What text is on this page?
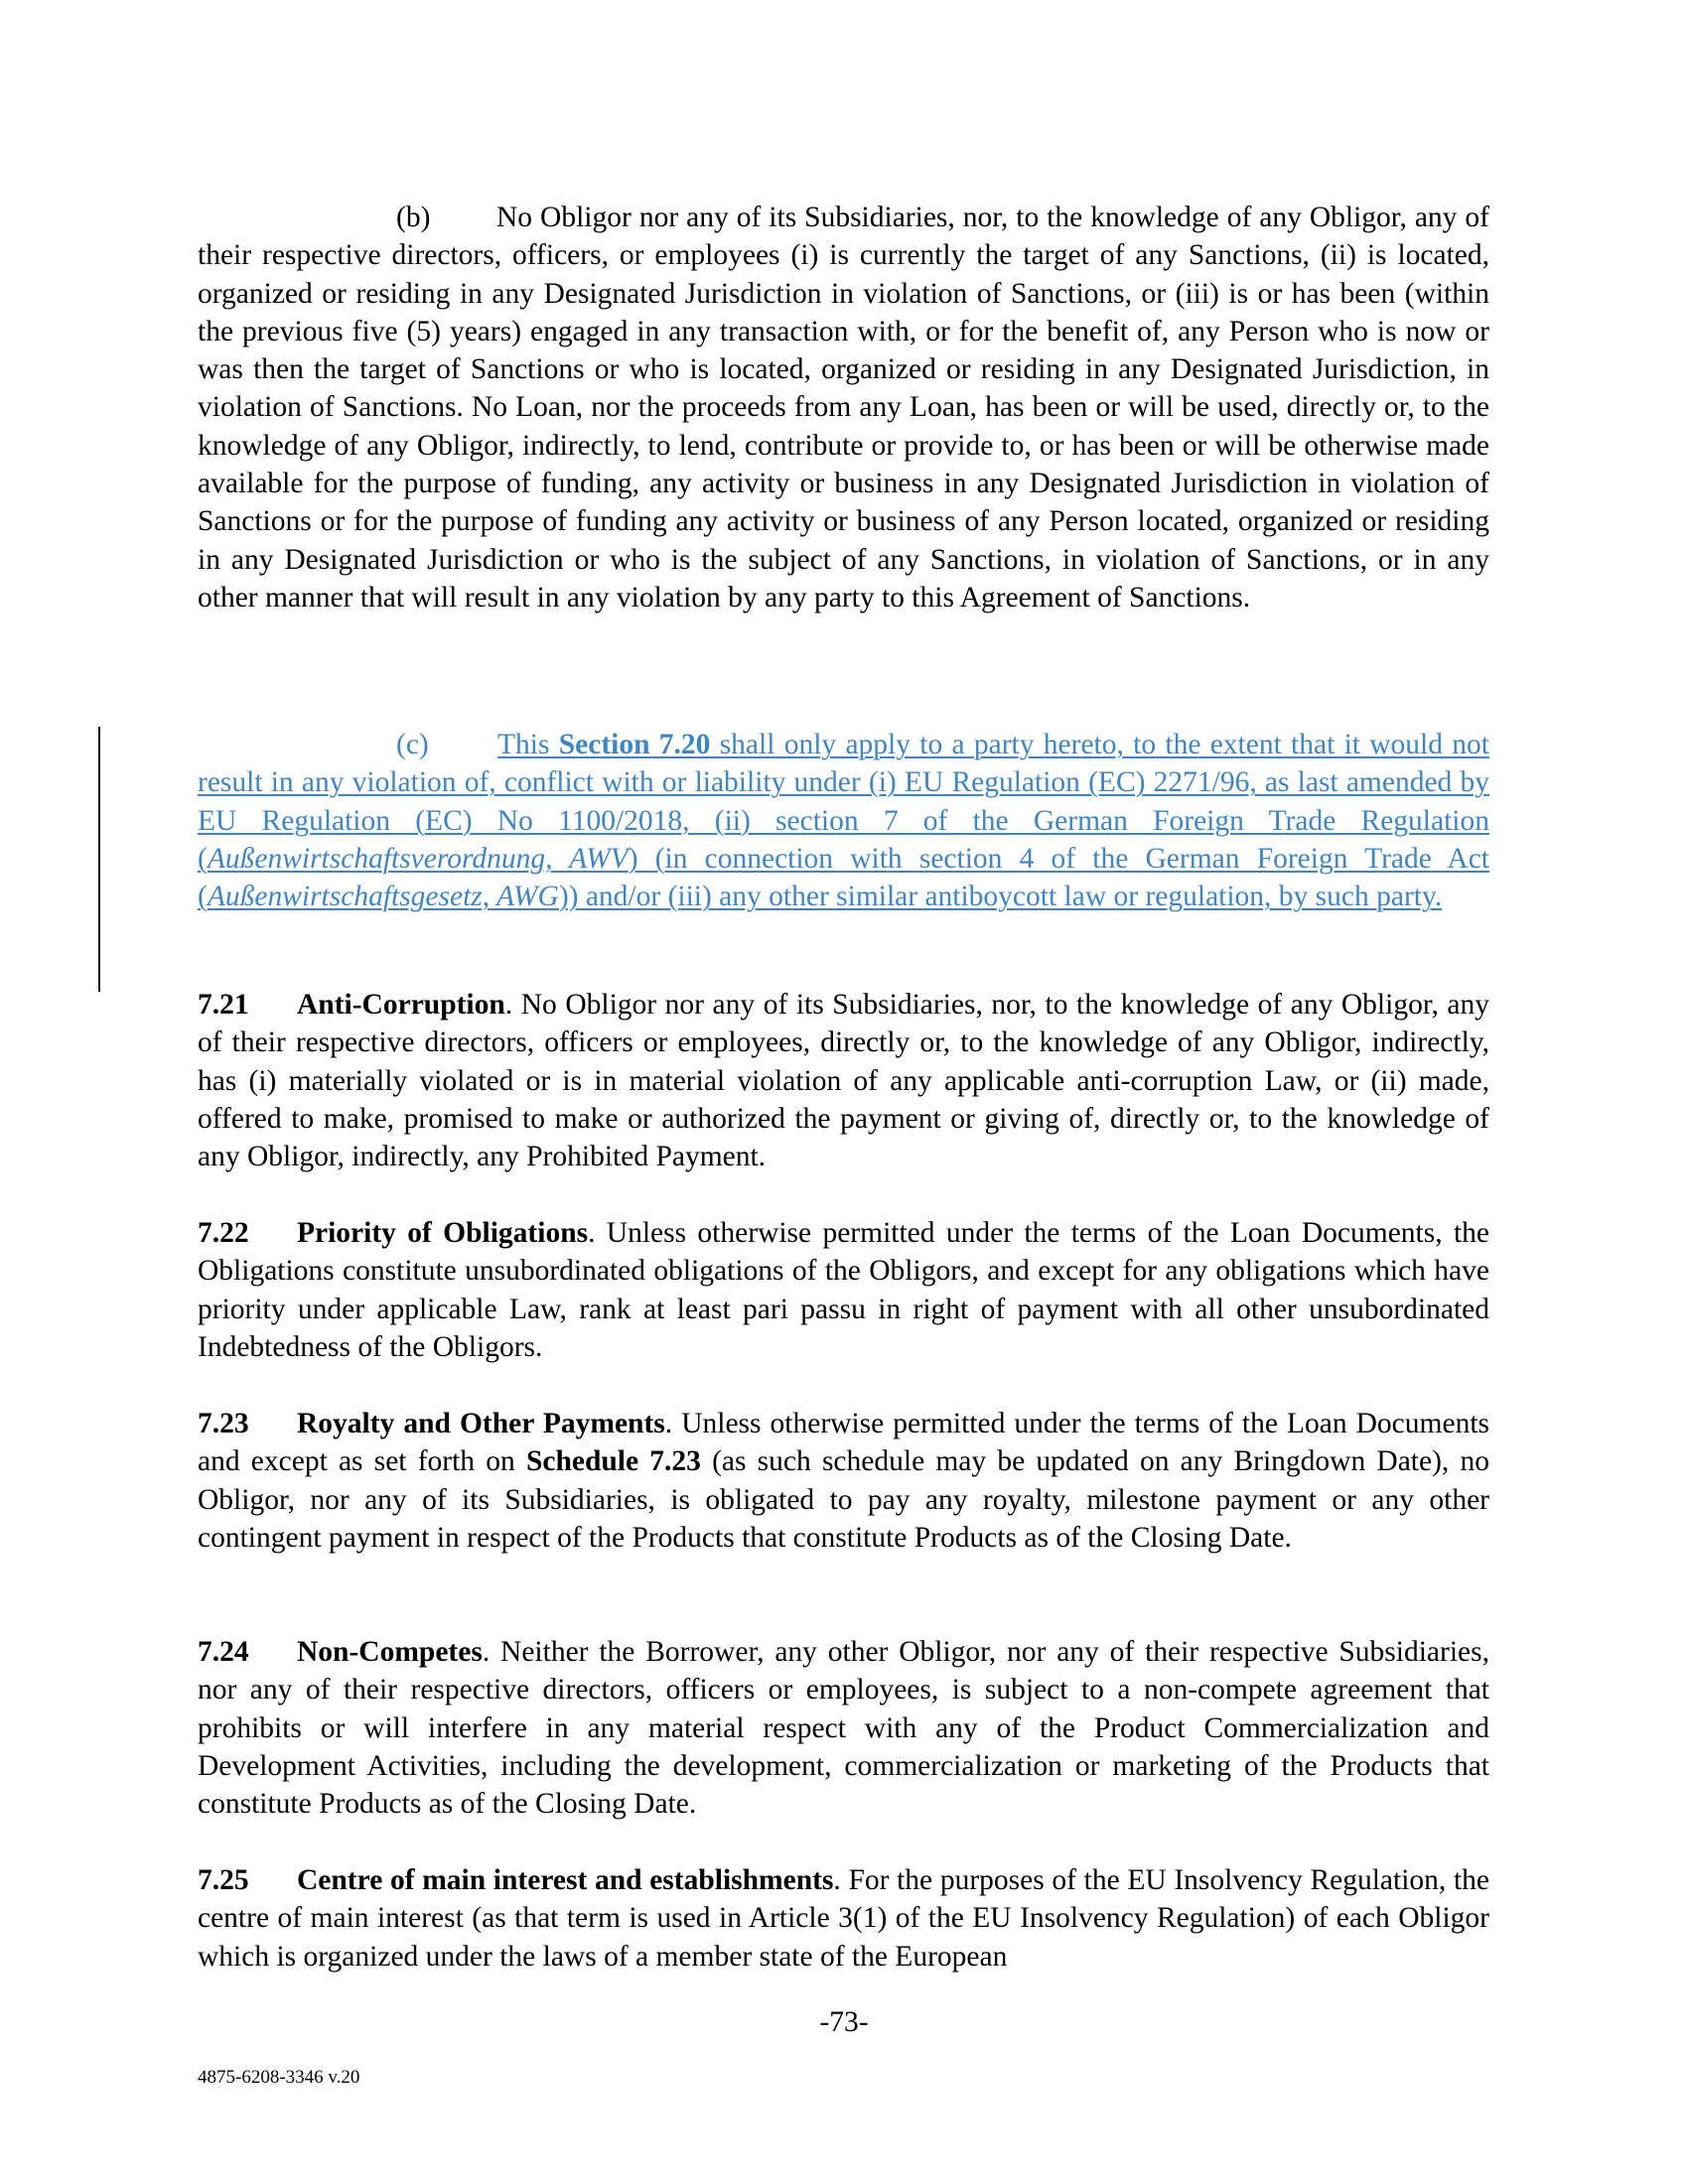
(b) No Obligor nor any of its Subsidiaries, nor, to the knowledge of any Obligor, any of their respective directors, officers, or employees (i) is currently the target of any Sanctions, (ii) is located, organized or residing in any Designated Jurisdiction in violation of Sanctions, or (iii) is or has been (within the previous five (5) years) engaged in any transaction with, or for the benefit of, any Person who is now or was then the target of Sanctions or who is located, organized or residing in any Designated Jurisdiction, in violation of Sanctions. No Loan, nor the proceeds from any Loan, has been or will be used, directly or, to the knowledge of any Obligor, indirectly, to lend, contribute or provide to, or has been or will be otherwise made available for the purpose of funding, any activity or business in any Designated Jurisdiction in violation of Sanctions or for the purpose of funding any activity or business of any Person located, organized or residing in any Designated Jurisdiction or who is the subject of any Sanctions, in violation of Sanctions, or in any other manner that will result in any violation by any party to this Agreement of Sanctions.

(c) This Section 7.20 shall only apply to a party hereto, to the extent that it would not result in any violation of, conflict with or liability under (i) EU Regulation (EC) 2271/96, as last amended by EU Regulation (EC) No 1100/2018, (ii) section 7 of the German Foreign Trade Regulation (Außenwirtschaftsverordnung, AWV) (in connection with section 4 of the German Foreign Trade Act (Außenwirtschaftsgesetz, AWG)) and/or (iii) any other similar antiboycott law or regulation, by such party.

7.21 Anti-Corruption. No Obligor nor any of its Subsidiaries, nor, to the knowledge of any Obligor, any of their respective directors, officers or employees, directly or, to the knowledge of any Obligor, indirectly, has (i) materially violated or is in material violation of any applicable anti-corruption Law, or (ii) made, offered to make, promised to make or authorized the payment or giving of, directly or, to the knowledge of any Obligor, indirectly, any Prohibited Payment.

7.22 Priority of Obligations. Unless otherwise permitted under the terms of the Loan Documents, the Obligations constitute unsubordinated obligations of the Obligors, and except for any obligations which have priority under applicable Law, rank at least pari passu in right of payment with all other unsubordinated Indebtedness of the Obligors.

7.23 Royalty and Other Payments. Unless otherwise permitted under the terms of the Loan Documents and except as set forth on Schedule 7.23 (as such schedule may be updated on any Bringdown Date), no Obligor, nor any of its Subsidiaries, is obligated to pay any royalty, milestone payment or any other contingent payment in respect of the Products that constitute Products as of the Closing Date.

7.24 Non-Competes. Neither the Borrower, any other Obligor, nor any of their respective Subsidiaries, nor any of their respective directors, officers or employees, is subject to a non-compete agreement that prohibits or will interfere in any material respect with any of the Product Commercialization and Development Activities, including the development, commercialization or marketing of the Products that constitute Products as of the Closing Date.

7.25 Centre of main interest and establishments. For the purposes of the EU Insolvency Regulation, the centre of main interest (as that term is used in Article 3(1) of the EU Insolvency Regulation) of each Obligor which is organized under the laws of a member state of the European

-73-
4875-6208-3346 v.20
